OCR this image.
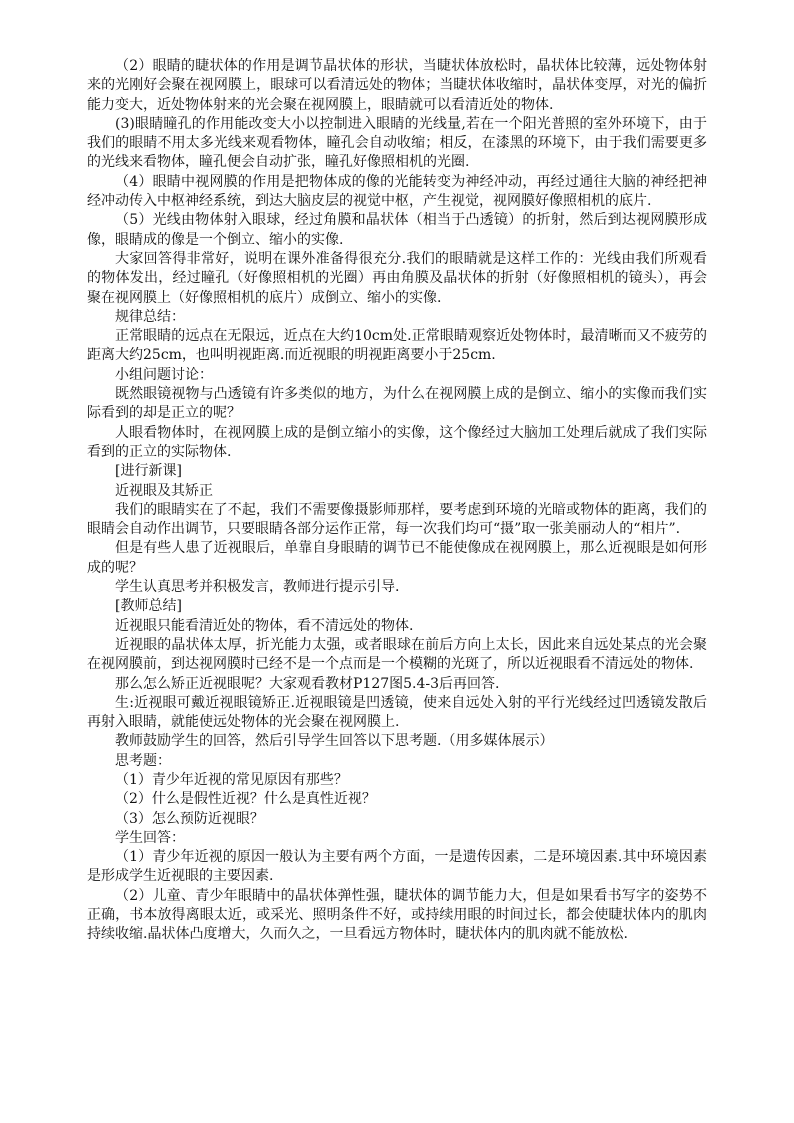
（2）眼睛的睫状体的作用是调节晶状体的形状，当睫状体放松时，晶状体比较薄，远处物体射来的光刚好会聚在视网膜上，眼球可以看清远处的物体；当睫状体收缩时，晶状体变厚，对光的偏折能力变大，近处物体射来的光会聚在视网膜上，眼睛就可以看清近处的物体.

(3)眼睛瞳孔的作用能改变大小以控制进入眼睛的光线量,若在一个阳光普照的室外环境下，由于我们的眼睛不用太多光线来观看物体，瞳孔会自动收缩；相反，在漆黑的环境下，由于我们需要更多的光线来看物体，瞳孔便会自动扩张，瞳孔好像照相机的光圈.

（4）眼睛中视网膜的作用是把物体成的像的光能转变为神经冲动，再经过通往大脑的神经把神经冲动传入中枢神经系统，到达大脑皮层的视觉中枢，产生视觉，视网膜好像照相机的底片.

（5）光线由物体射入眼球，经过角膜和晶状体（相当于凸透镜）的折射，然后到达视网膜形成像，眼睛成的像是一个倒立、缩小的实像.

大家回答得非常好，说明在课外准备得很充分.我们的眼睛就是这样工作的：光线由我们所观看的物体发出，经过瞳孔（好像照相机的光圈）再由角膜及晶状体的折射（好像照相机的镜头），再会聚在视网膜上（好像照相机的底片）成倒立、缩小的实像.

规律总结：

正常眼睛的远点在无限远，近点在大约10cm处.正常眼睛观察近处物体时，最清晰而又不疲劳的距离大约25cm，也叫明视距离.而近视眼的明视距离要小于25cm.

小组问题讨论：

既然眼镜视物与凸透镜有许多类似的地方，为什么在视网膜上成的是倒立、缩小的实像而我们实际看到的却是正立的呢？

人眼看物体时，在视网膜上成的是倒立缩小的实像，这个像经过大脑加工处理后就成了我们实际看到的正立的实际物体.

[进行新课]

近视眼及其矫正

我们的眼睛实在了不起，我们不需要像摄影师那样，要考虑到环境的光暗或物体的距离，我们的眼睛会自动作出调节，只要眼睛各部分运作正常，每一次我们均可“摄”取一张美丽动人的“相片”.

但是有些人患了近视眼后，单靠自身眼睛的调节已不能使像成在视网膜上，那么近视眼是如何形成的呢？

学生认真思考并积极发言，教师进行提示引导.

[教师总结]

近视眼只能看清近处的物体，看不清远处的物体.

近视眼的晶状体太厚，折光能力太强，或者眼球在前后方向上太长，因此来自远处某点的光会聚在视网膜前，到达视网膜时已经不是一个点而是一个模糊的光斑了，所以近视眼看不清远处的物体.

那么怎么矫正近视眼呢？大家观看教材P127图5.4-3后再回答.

生:近视眼可戴近视眼镜矫正.近视眼镜是凹透镜，使来自远处入射的平行光线经过凹透镜发散后再射入眼睛，就能使远处物体的光会聚在视网膜上.

教师鼓励学生的回答，然后引导学生回答以下思考题.（用多媒体展示）

思考题：

（1）青少年近视的常见原因有那些？

（2）什么是假性近视？什么是真性近视？

（3）怎么预防近视眼？

学生回答：

（1）青少年近视的原因一般认为主要有两个方面，一是遗传因素，二是环境因素.其中环境因素是形成学生近视眼的主要因素.

（2）儿童、青少年眼睛中的晶状体弹性强，睫状体的调节能力大，但是如果看书写字的姿势不正确，书本放得离眼太近，或采光、照明条件不好，或持续用眼的时间过长，都会使睫状体内的肌肉持续收缩.晶状体凸度增大，久而久之，一旦看远方物体时，睫状体内的肌肉就不能放松.
